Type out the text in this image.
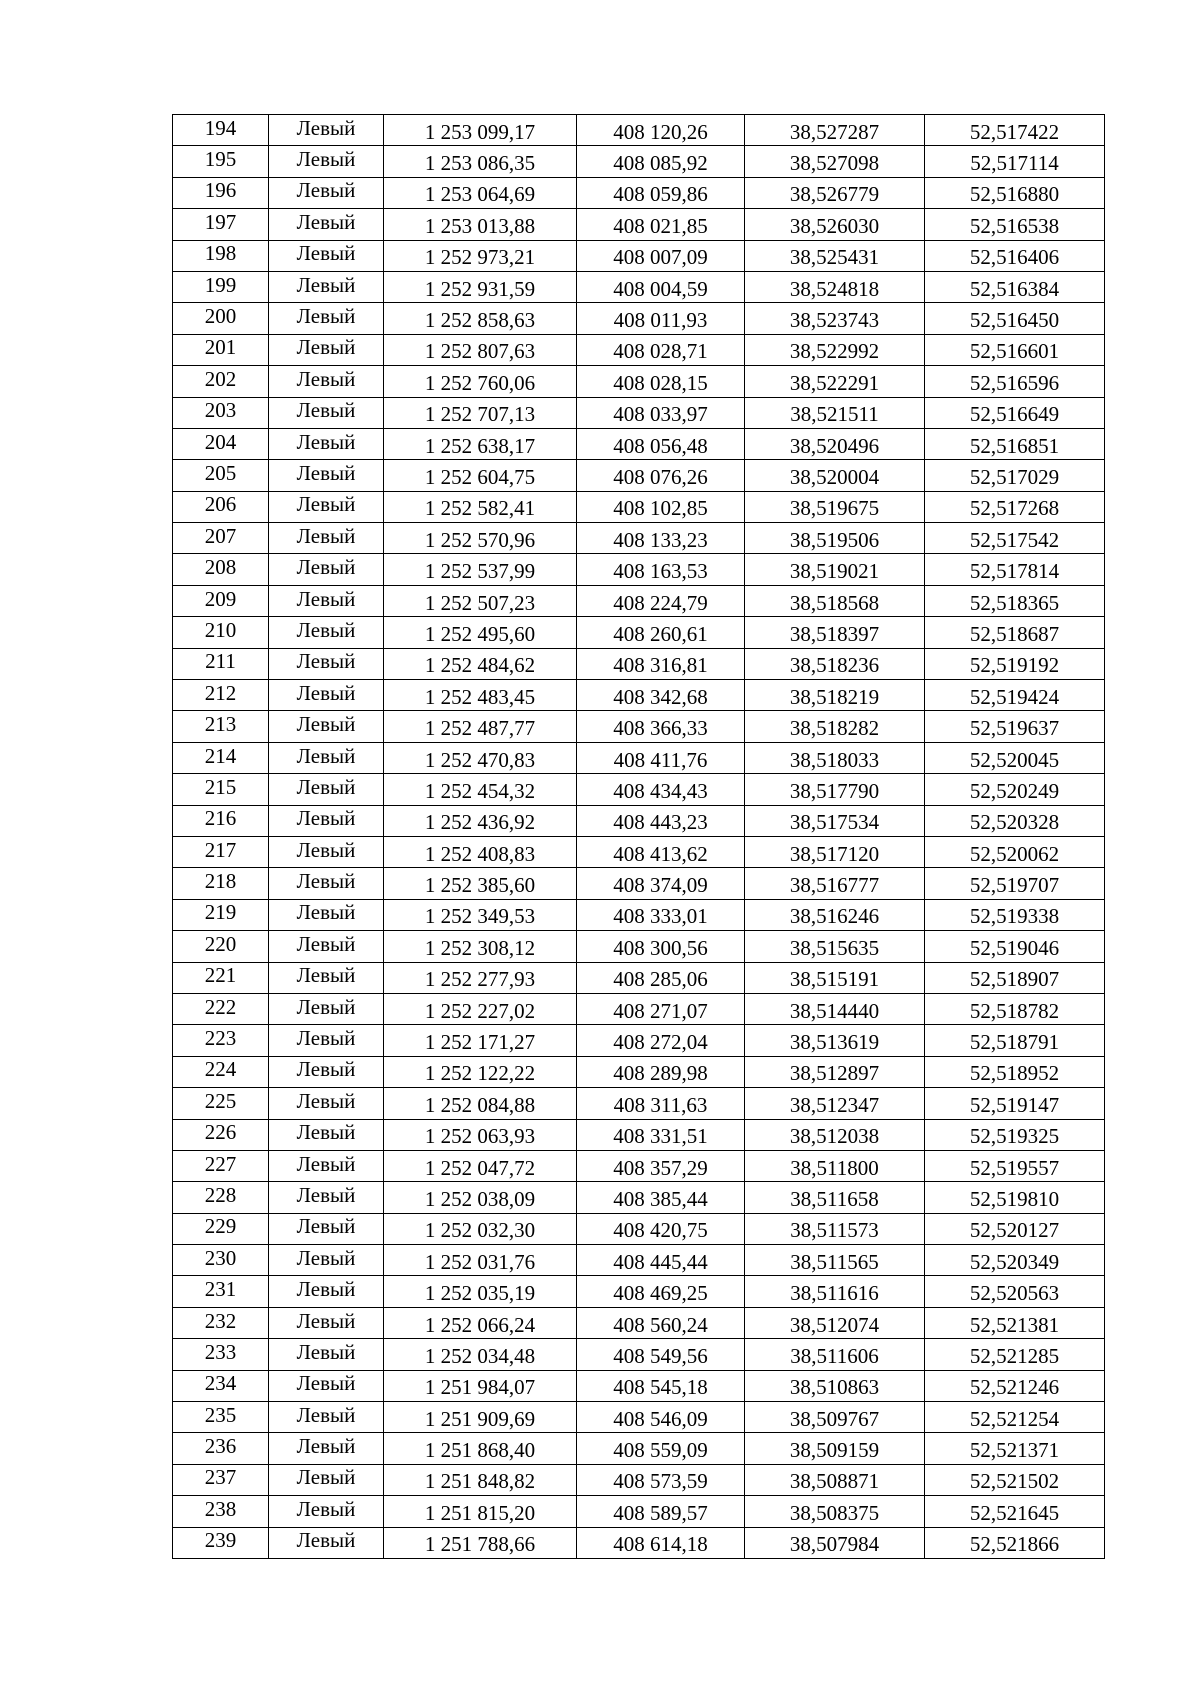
194	Левый	1 253 099,17	408 120,26	38,527287	52,517422

195	Левый	1 253 086,35	408 085,92	38,527098	52,517114

196	Левый	1 253 064,69	408 059,86	38,526779	52,516880

197	Левый	1 253 013,88	408 021,85	38,526030	52,516538

198	Левый	1 252 973,21	408 007,09	38,525431	52,516406

199	Левый	1 252 931,59	408 004,59	38,524818	52,516384

200	Левый	1 252 858,63	408 011,93	38,523743	52,516450

201	Левый	1 252 807,63	408 028,71	38,522992	52,516601

202	Левый	1 252 760,06	408 028,15	38,522291	52,516596

203	Левый	1 252 707,13	408 033,97	38,521511	52,516649

204	Левый	1 252 638,17	408 056,48	38,520496	52,516851

205	Левый	1 252 604,75	408 076,26	38,520004	52,517029

206	Левый	1 252 582,41	408 102,85	38,519675	52,517268

207	Левый	1 252 570,96	408 133,23	38,519506	52,517542

208	Левый	1 252 537,99	408 163,53	38,519021	52,517814

209	Левый	1 252 507,23	408 224,79	38,518568	52,518365

210	Левый	1 252 495,60	408 260,61	38,518397	52,518687

211	Левый	1 252 484,62	408 316,81	38,518236	52,519192

212	Левый	1 252 483,45	408 342,68	38,518219	52,519424

213	Левый	1 252 487,77	408 366,33	38,518282	52,519637

214	Левый	1 252 470,83	408 411,76	38,518033	52,520045

215	Левый	1 252 454,32	408 434,43	38,517790	52,520249

216	Левый	1 252 436,92	408 443,23	38,517534	52,520328

217	Левый	1 252 408,83	408 413,62	38,517120	52,520062

218	Левый	1 252 385,60	408 374,09	38,516777	52,519707

219	Левый	1 252 349,53	408 333,01	38,516246	52,519338

220	Левый	1 252 308,12	408 300,56	38,515635	52,519046

221	Левый	1 252 277,93	408 285,06	38,515191	52,518907

222	Левый	1 252 227,02	408 271,07	38,514440	52,518782

223	Левый	1 252 171,27	408 272,04	38,513619	52,518791

224	Левый	1 252 122,22	408 289,98	38,512897	52,518952

225	Левый	1 252 084,88	408 311,63	38,512347	52,519147

226	Левый	1 252 063,93	408 331,51	38,512038	52,519325

227	Левый	1 252 047,72	408 357,29	38,511800	52,519557

228	Левый	1 252 038,09	408 385,44	38,511658	52,519810

229	Левый	1 252 032,30	408 420,75	38,511573	52,520127

230	Левый	1 252 031,76	408 445,44	38,511565	52,520349

231	Левый	1 252 035,19	408 469,25	38,511616	52,520563

232	Левый	1 252 066,24	408 560,24	38,512074	52,521381

233	Левый	1 252 034,48	408 549,56	38,511606	52,521285

234	Левый	1 251 984,07	408 545,18	38,510863	52,521246

235	Левый	1 251 909,69	408 546,09	38,509767	52,521254

236	Левый	1 251 868,40	408 559,09	38,509159	52,521371

237	Левый	1 251 848,82	408 573,59	38,508871	52,521502

238	Левый	1 251 815,20	408 589,57	38,508375	52,521645

239	Левый	1 251 788,66	408 614,18	38,507984	52,521866
